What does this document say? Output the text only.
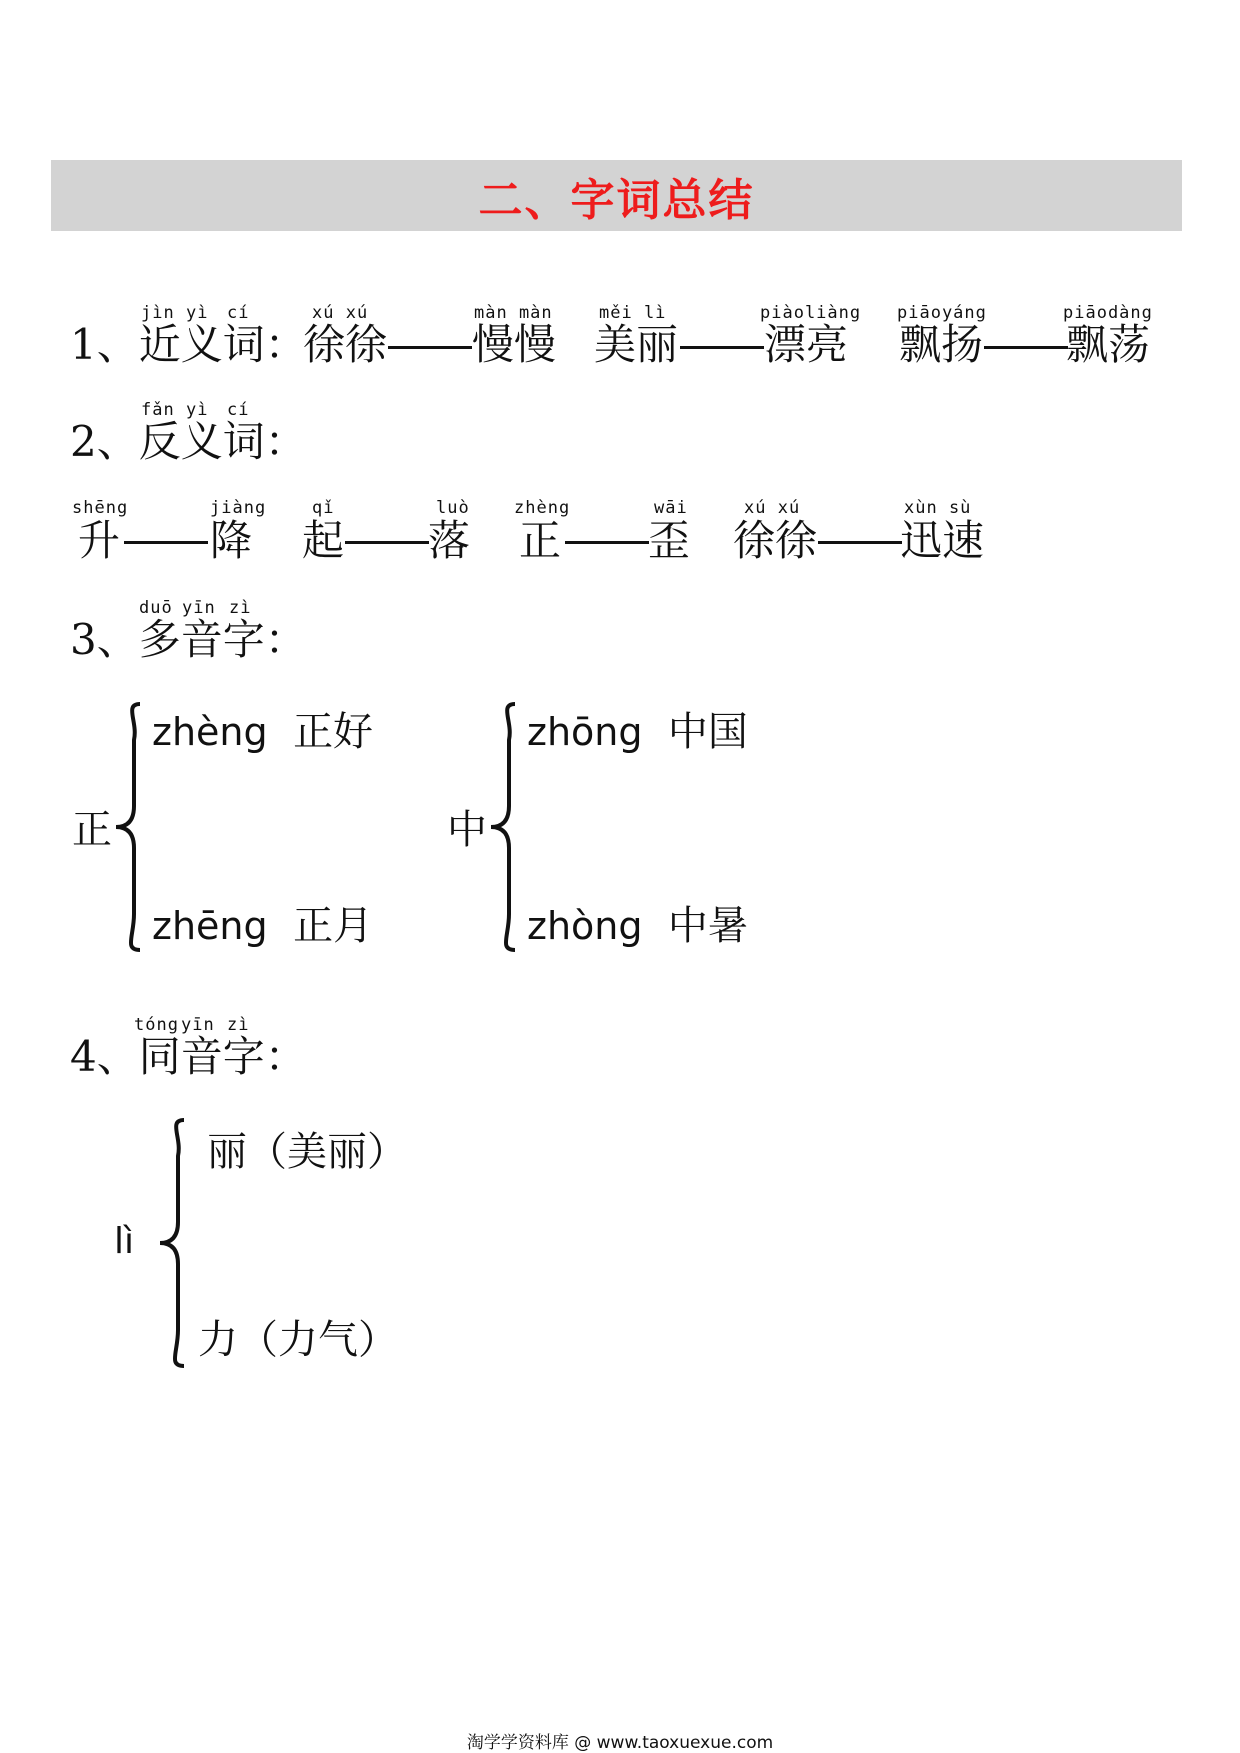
二、字词总结
jìn yì cí
1、近义词：
xú xú
徐徐
màn màn
慢慢
měi lì
美丽
piàoliàng
漂亮
piāoyáng
飘扬
piāodàng
飘荡
fǎn yì cí
2、反义词：
shēng
升
jiàng
降
qǐ
起
luò
落
zhèng
正
wāi
歪
xú xú
徐徐
xùn sù
迅速
duō yīn zì
3、多音字：
正
zhèng 正好
zhēng 正月
中
zhōng 中国
zhòng 中暑
tóng yīn zì
4、同音字：
lì
丽（美丽）
力（力气）
淘学学资料库 @ www.taoxuexue.com
